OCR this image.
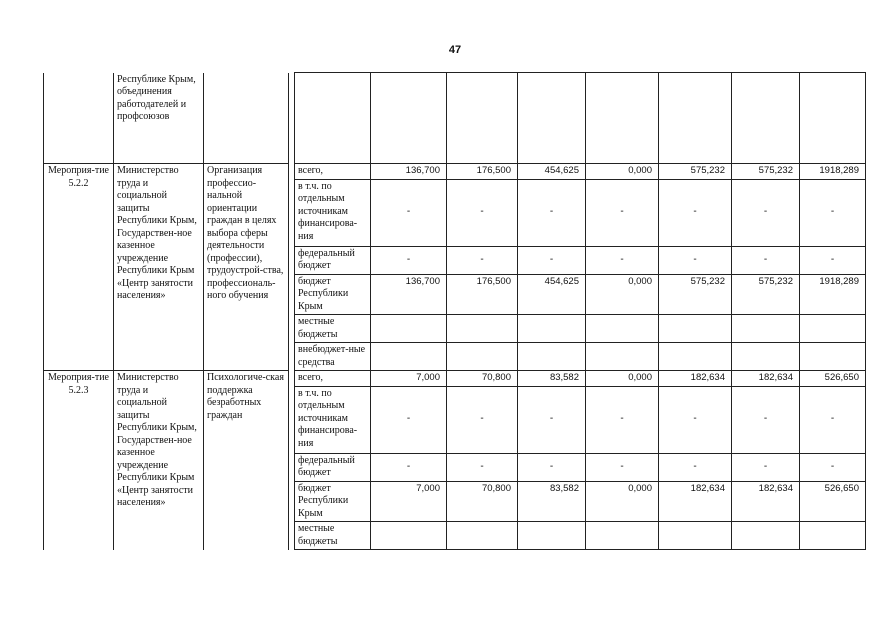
47
	Республике Крым, объединения работодателей и профсоюзов										
Мероприя-тие 5.2.2	Министерство труда и социальной защиты Республики Крым, Государствен-ное казенное учреждение Республики Крым «Центр занятости населения»	Организация профессио-нальной ориентации граждан в целях выбора сферы деятельности (профессии), трудоустрой-ства, профессиональ-ного обучения		всего,	136,700	176,500	454,625	0,000	575,232	575,232	1918,289
				в т.ч. по отдельным источникам финансирова-ния	-	-	-	-	-	-	-
				федеральный бюджет	-	-	-	-	-	-	-
				бюджет Республики Крым	136,700	176,500	454,625	0,000	575,232	575,232	1918,289
				местные бюджеты							
				внебюджет-ные средства							
Мероприя-тие 5.2.3	Министерство труда и социальной защиты Республики Крым, Государствен-ное казенное учреждение Республики Крым «Центр занятости населения»	Психологиче-ская поддержка безработных граждан		всего,	7,000	70,800	83,582	0,000	182,634	182,634	526,650
				в т.ч. по отдельным источникам финансирова-ния	-	-	-	-	-	-	-
				федеральный бюджет	-	-	-	-	-	-	-
				бюджет Республики Крым	7,000	70,800	83,582	0,000	182,634	182,634	526,650
				местные бюджеты							
